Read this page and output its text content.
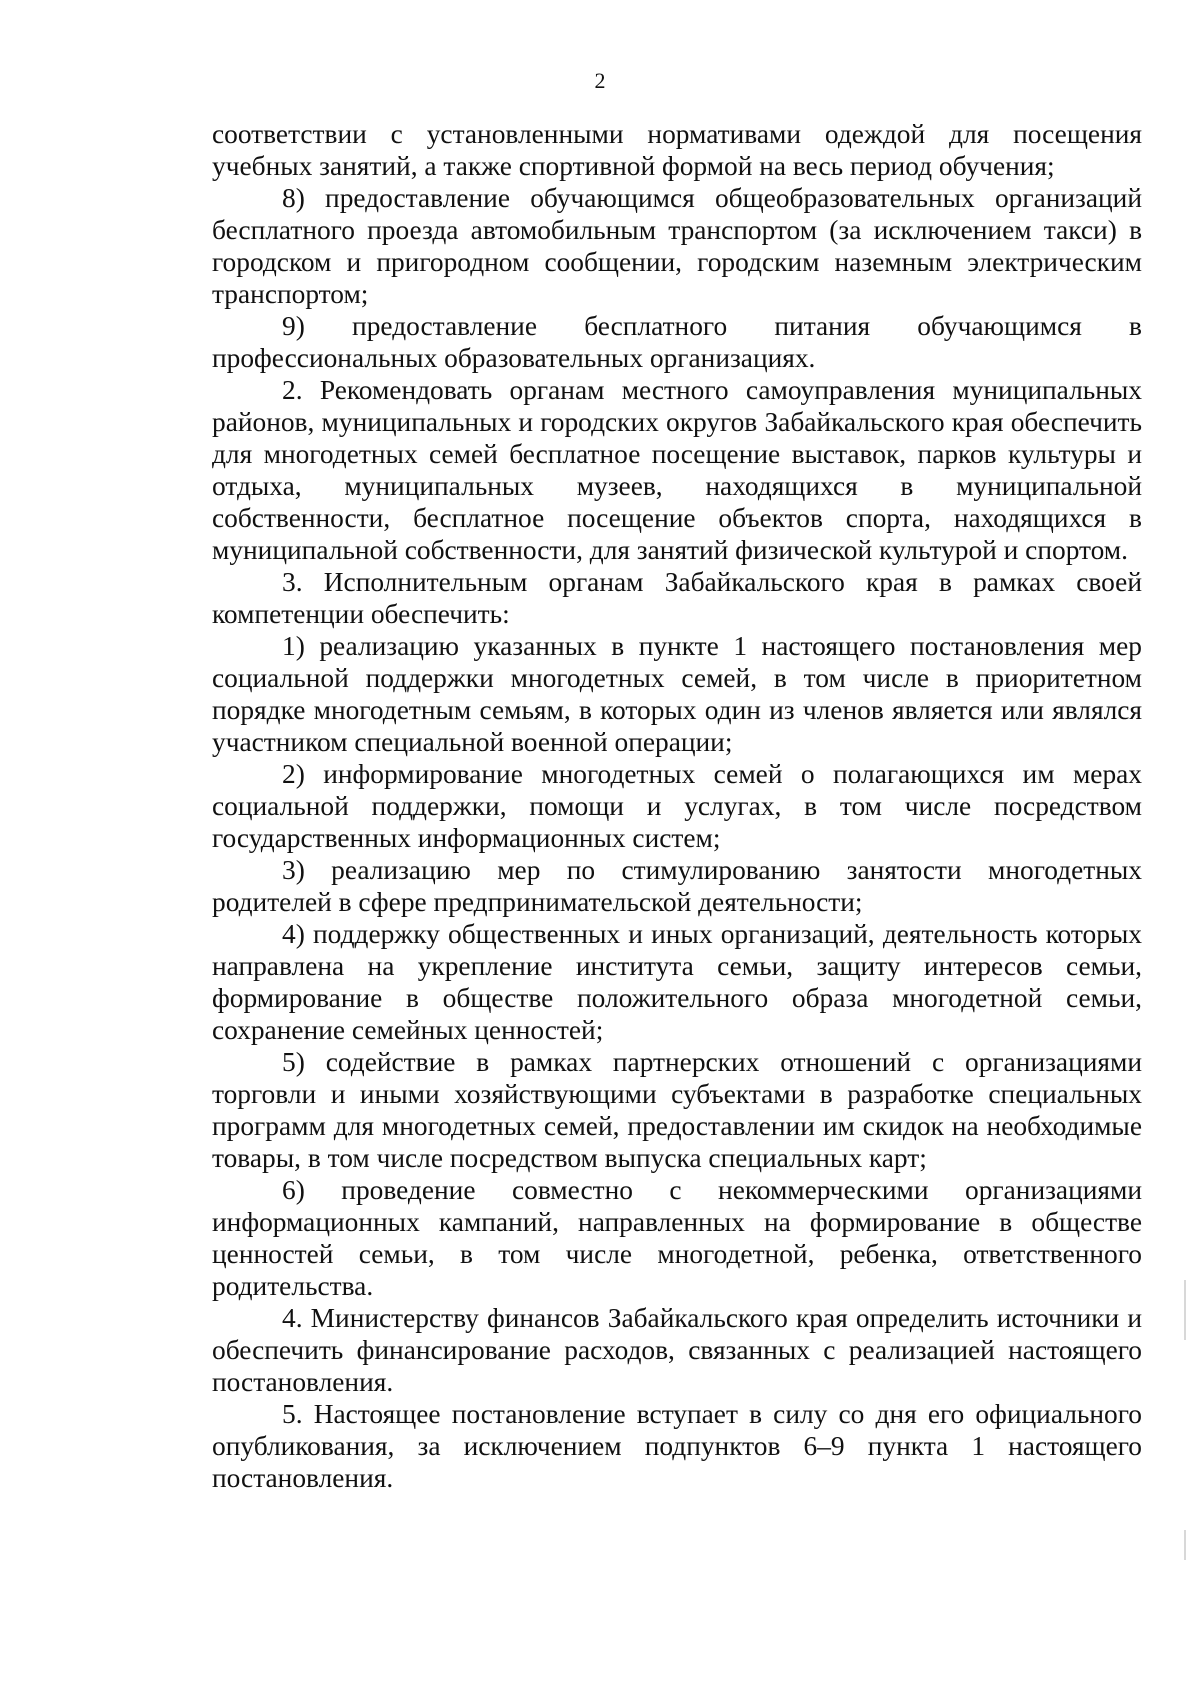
2

соответствии с установленными нормативами одеждой для посещения учебных занятий, а также спортивной формой на весь период обучения;

8) предоставление обучающимся общеобразовательных организаций бесплатного проезда автомобильным транспортом (за исключением такси) в городском и пригородном сообщении, городским наземным электрическим транспортом;

9) предоставление бесплатного питания обучающимся в профессиональных образовательных организациях.

2. Рекомендовать органам местного самоуправления муниципальных районов, муниципальных и городских округов Забайкальского края обеспечить для многодетных семей бесплатное посещение выставок, парков культуры и отдыха, муниципальных музеев, находящихся в муниципальной собственности, бесплатное посещение объектов спорта, находящихся в муниципальной собственности, для занятий физической культурой и спортом.

3. Исполнительным органам Забайкальского края в рамках своей компетенции обеспечить:

1) реализацию указанных в пункте 1 настоящего постановления мер социальной поддержки многодетных семей, в том числе в приоритетном порядке многодетным семьям, в которых один из членов является или являлся участником специальной военной операции;

2) информирование многодетных семей о полагающихся им мерах социальной поддержки, помощи и услугах, в том числе посредством государственных информационных систем;

3) реализацию мер по стимулированию занятости многодетных родителей в сфере предпринимательской деятельности;

4) поддержку общественных и иных организаций, деятельность которых направлена на укрепление института семьи, защиту интересов семьи, формирование в обществе положительного образа многодетной семьи, сохранение семейных ценностей;

5) содействие в рамках партнерских отношений с организациями торговли и иными хозяйствующими субъектами в разработке специальных программ для многодетных семей, предоставлении им скидок на необходимые товары, в том числе посредством выпуска специальных карт;

6) проведение совместно с некоммерческими организациями информационных кампаний, направленных на формирование в обществе ценностей семьи, в том числе многодетной, ребенка, ответственного родительства.

4. Министерству финансов Забайкальского края определить источники и обеспечить финансирование расходов, связанных с реализацией настоящего постановления.

5. Настоящее постановление вступает в силу со дня его официального опубликования, за исключением подпунктов 6–9 пункта 1 настоящего постановления.
